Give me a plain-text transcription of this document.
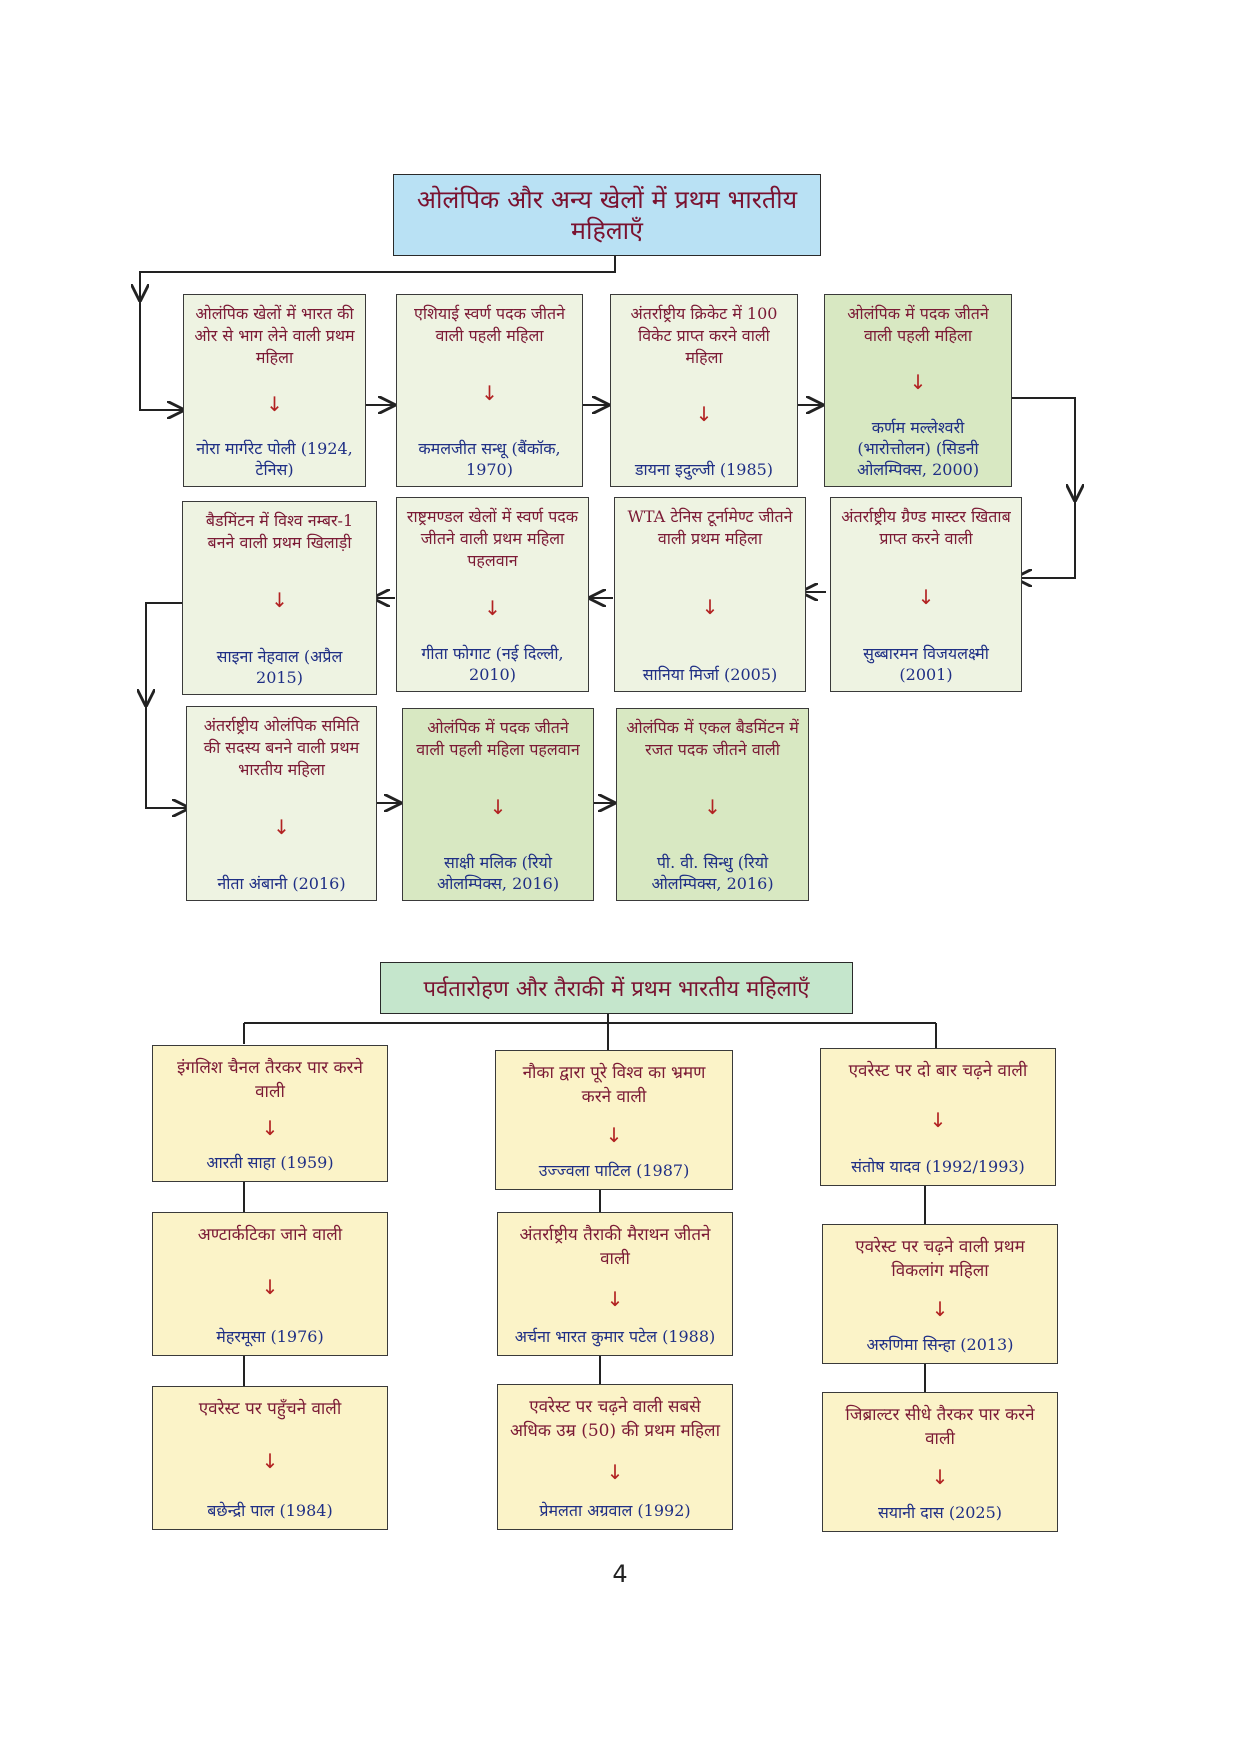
ओलंपिक और अन्य खेलों में प्रथम भारतीय महिलाएँ
ओलंपिक खेलों में भारत की ओर से भाग लेने वाली प्रथम महिला
↓
नोरा मार्गरेट पोली (1924, टेनिस)
एशियाई स्वर्ण पदक जीतने वाली पहली महिला
↓
कमलजीत सन्धू (बैंकॉक, 1970)
अंतर्राष्ट्रीय क्रिकेट में 100 विकेट प्राप्त करने वाली महिला
↓
डायना इदुल्जी (1985)
ओलंपिक में पदक जीतने वाली पहली महिला
↓
कर्णम मल्लेश्वरी (भारोत्तोलन) (सिडनी ओलम्पिक्स, 2000)
अंतर्राष्ट्रीय ग्रैण्ड मास्टर खिताब प्राप्त करने वाली
↓
सुब्बारमन विजयलक्ष्मी (2001)
WTA टेनिस टूर्नामेण्ट जीतने वाली प्रथम महिला
↓
सानिया मिर्जा (2005)
राष्ट्रमण्डल खेलों में स्वर्ण पदक जीतने वाली प्रथम महिला पहलवान
↓
गीता फोगाट (नई दिल्ली, 2010)
बैडमिंटन में विश्व नम्बर-1 बनने वाली प्रथम खिलाड़ी
↓
साइना नेहवाल (अप्रैल 2015)
अंतर्राष्ट्रीय ओलंपिक समिति की सदस्य बनने वाली प्रथम भारतीय महिला
↓
नीता अंबानी (2016)
ओलंपिक में पदक जीतने वाली पहली महिला पहलवान
↓
साक्षी मलिक (रियो ओलम्पिक्स, 2016)
ओलंपिक में एकल बैडमिंटन में रजत पदक जीतने वाली
↓
पी. वी. सिन्धु (रियो ओलम्पिक्स, 2016)
पर्वतारोहण और तैराकी में प्रथम भारतीय महिलाएँ
इंगलिश चैनल तैरकर पार करने वाली
↓
आरती साहा (1959)
अण्टार्कटिका जाने वाली
↓
मेहरमूसा (1976)
एवरेस्ट पर पहुँचने वाली
↓
बछेन्द्री पाल (1984)
नौका द्वारा पूरे विश्व का भ्रमण करने वाली
↓
उज्ज्वला पाटिल (1987)
अंतर्राष्ट्रीय तैराकी मैराथन जीतने वाली
↓
अर्चना भारत कुमार पटेल (1988)
एवरेस्ट पर चढ़ने वाली सबसे अधिक उम्र (50) की प्रथम महिला
↓
प्रेमलता अग्रवाल (1992)
एवरेस्ट पर दो बार चढ़ने वाली
↓
संतोष यादव (1992/1993)
एवरेस्ट पर चढ़ने वाली प्रथम विकलांग महिला
↓
अरुणिमा सिन्हा (2013)
जिब्राल्टर सीधे तैरकर पार करने वाली
↓
सयानी दास (2025)
4
